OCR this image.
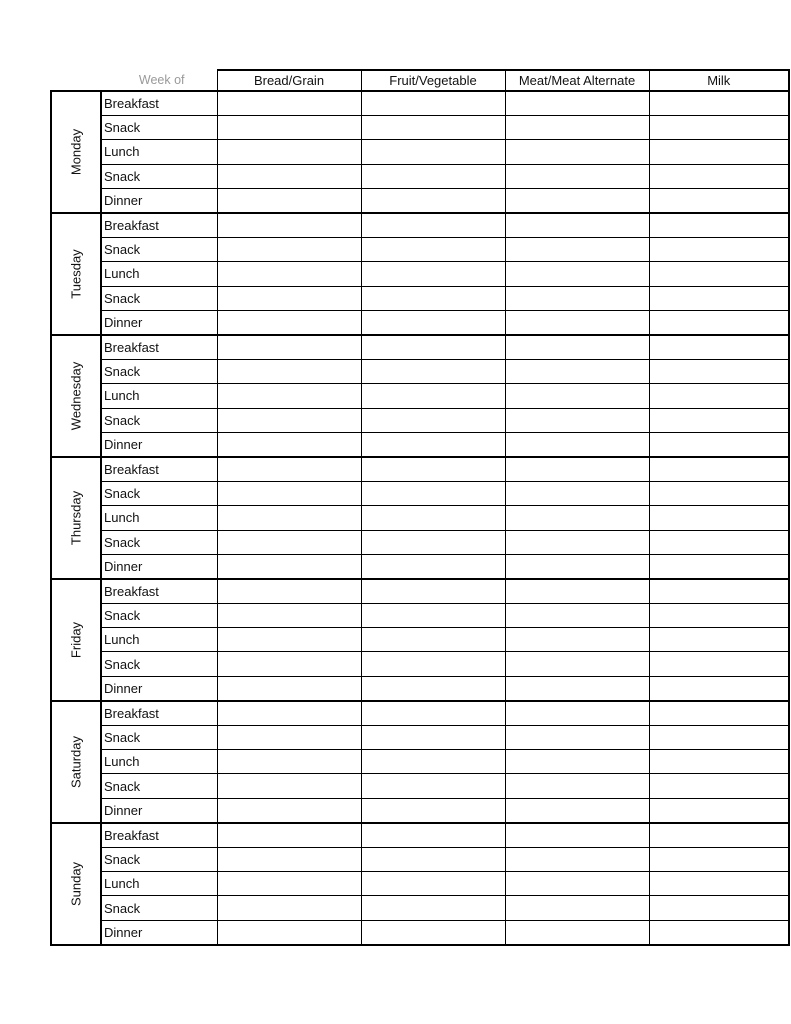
Week of		Bread/Grain	Fruit/Vegetable	Meat/Meat Alternate	Milk

Monday	Breakfast				
	Snack				
	Lunch				
	Snack				
	Dinner				

Tuesday	Breakfast				
	Snack				
	Lunch				
	Snack				
	Dinner				

Wednesday	Breakfast				
	Snack				
	Lunch				
	Snack				
	Dinner				

Thursday	Breakfast				
	Snack				
	Lunch				
	Snack				
	Dinner				

Friday	Breakfast				
	Snack				
	Lunch				
	Snack				
	Dinner				

Saturday	Breakfast				
	Snack				
	Lunch				
	Snack				
	Dinner				

Sunday	Breakfast				
	Snack				
	Lunch				
	Snack				
	Dinner				
